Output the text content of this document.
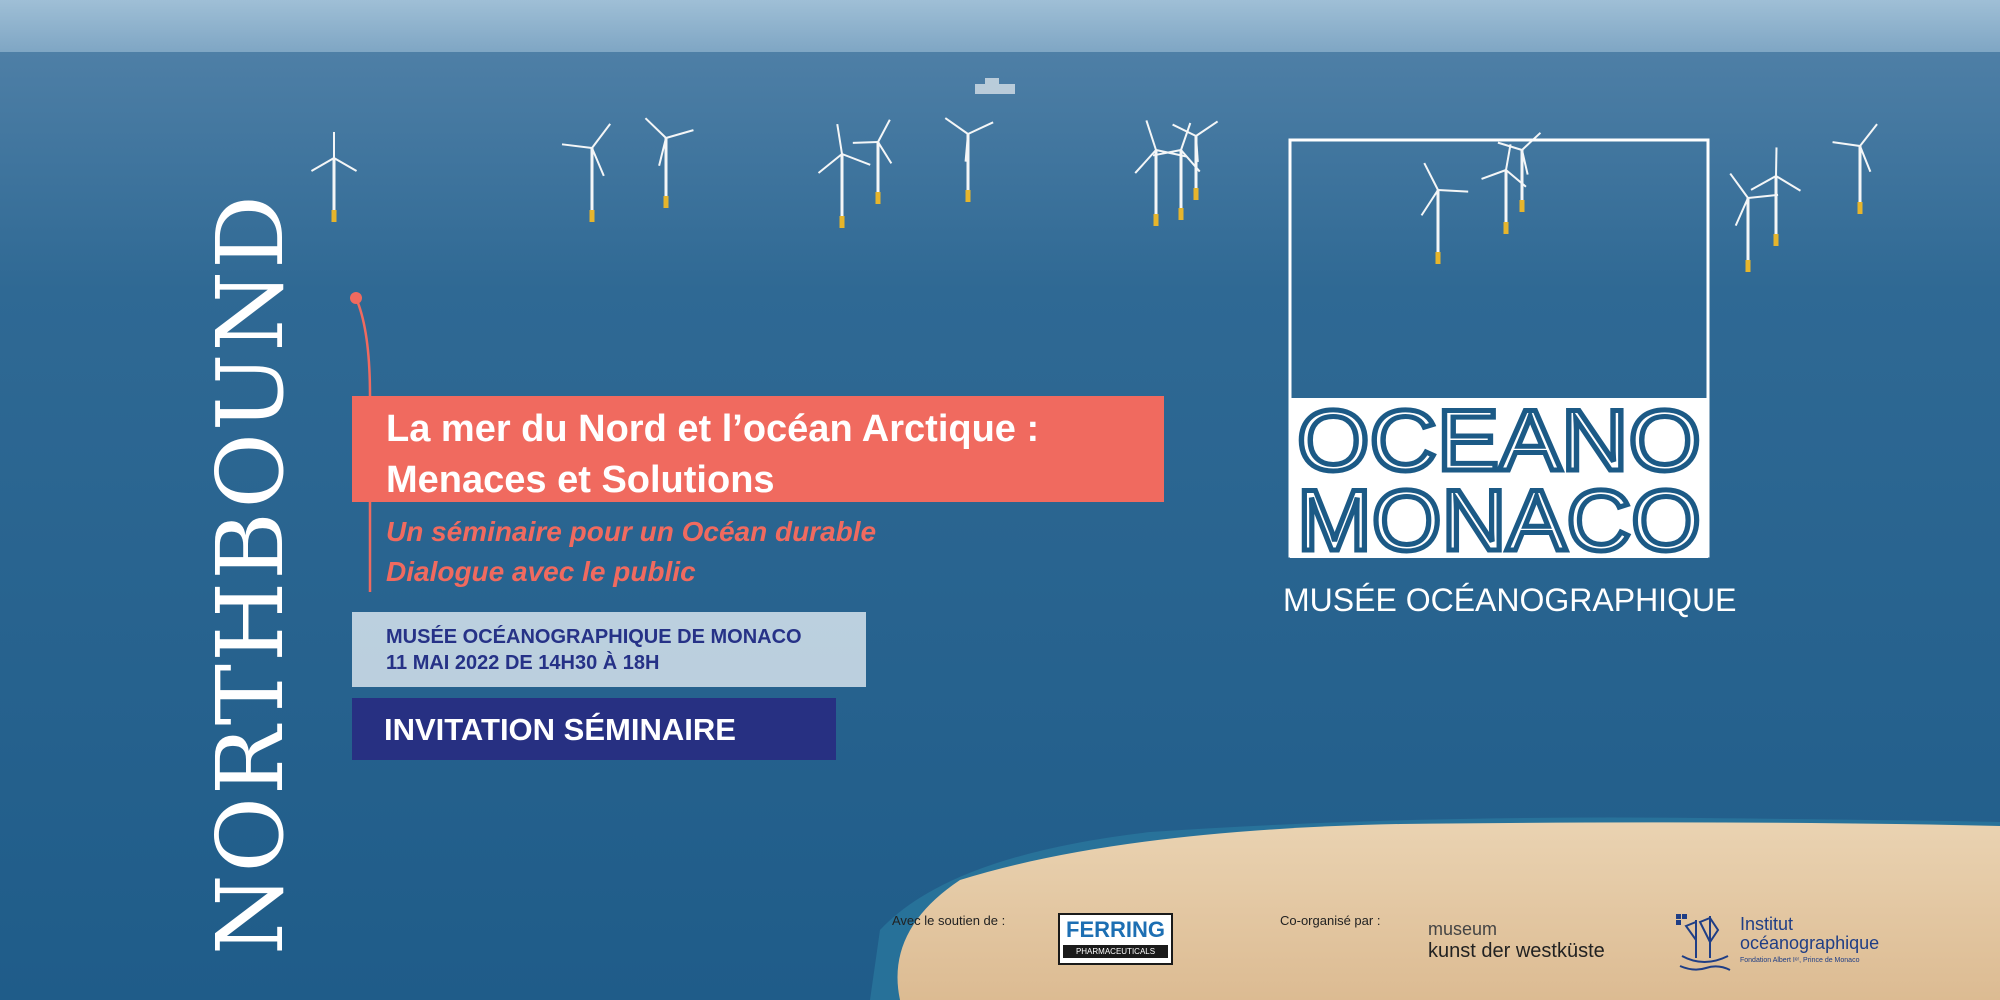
NORTHBOUND La mer du Nord et l’océan Arctique :
Menaces et Solutions
Un séminaire pour un Océan durable
Dialogue avec le public
MUSÉE OCÉANOGRAPHIQUE DE MONACO
11 MAI 2022 DE 14H30 À 18H
INVITATION SÉMINAIRE
OCEANO
MONACO
MUSÉE OCÉANOGRAPHIQUE
Avec le soutien de :	FERRING
PHARMACEUTICALS
Co-organisé par :	museum
kunst der westküste
Institut
océanographique
Fondation Albert Iᵉʳ, Prince de Monaco
